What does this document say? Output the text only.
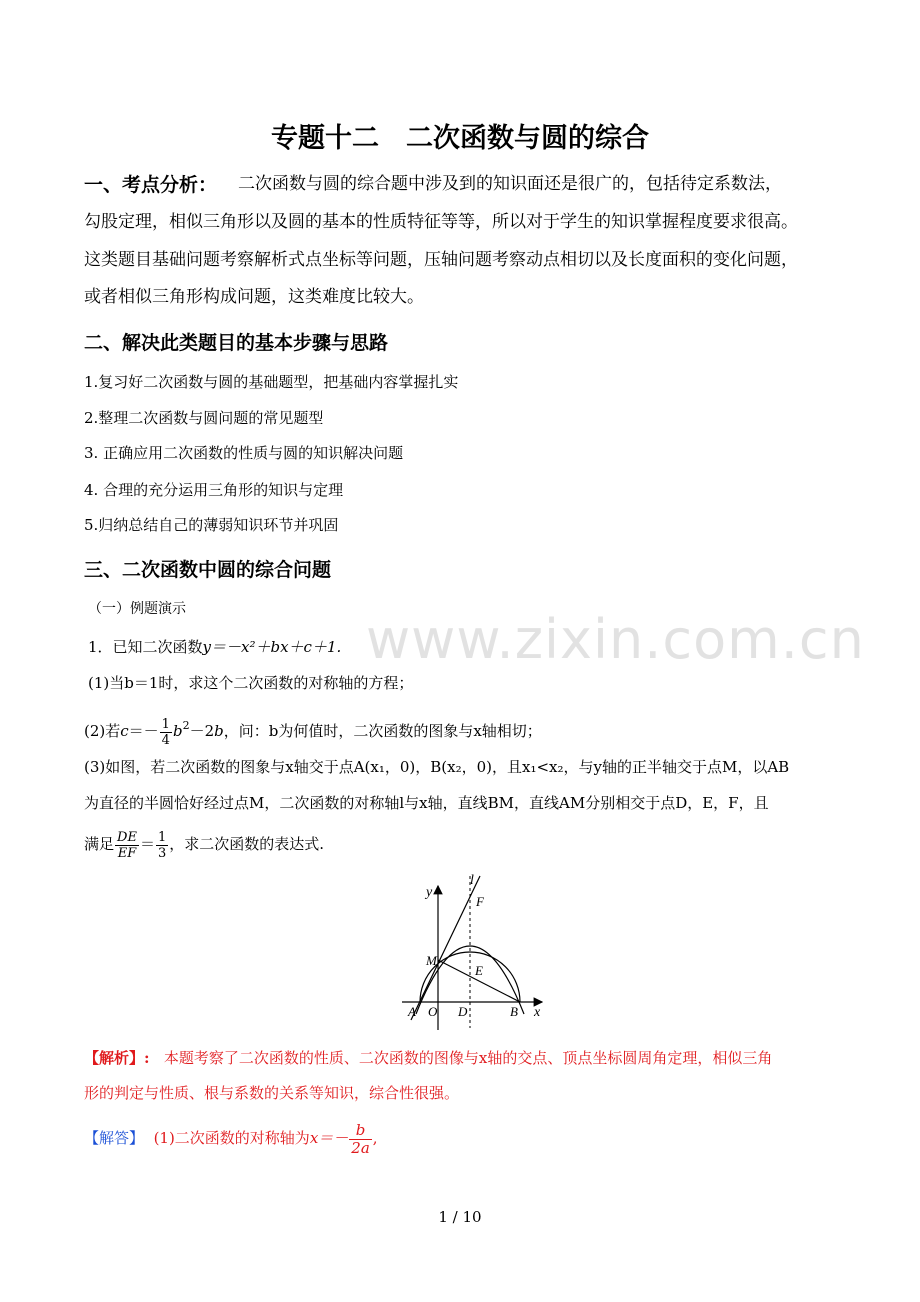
专题十二　二次函数与圆的综合
一、考点分析： 二次函数与圆的综合题中涉及到的知识面还是很广的，包括待定系数法，
勾股定理，相似三角形以及圆的基本的性质特征等等，所以对于学生的知识掌握程度要求很高。
这类题目基础问题考察解析式点坐标等问题，压轴问题考察动点相切以及长度面积的变化问题，
或者相似三角形构成问题，这类难度比较大。
二、解决此类题目的基本步骤与思路
1.复习好二次函数与圆的基础题型，把基础内容掌握扎实
2.整理二次函数与圆问题的常见题型
3. 正确应用二次函数的性质与圆的知识解决问题
4. 合理的充分运用三角形的知识与定理
5.归纳总结自己的薄弱知识环节并巩固
三、二次函数中圆的综合问题
www.zixin.com.cn
（一）例题演示
1．已知二次函数y＝－x²＋bx＋c＋1.
(1)当b＝1时，求这个二次函数的对称轴的方程；
(2)若$c=- \frac{1}{4} b^2-2b$，问：b为何值时，二次函数的图象与x轴相切；
(3)如图，若二次函数的图象与x轴交于点A(x₁，0)，B(x₂，0)，且x₁<x₂，与y轴的正半轴交于点M，以AB
为直径的半圆恰好经过点M，二次函数的对称轴l与x轴，直线BM，直线AM分别相交于点D，E，F，且
满足 $\frac{DE}{EF} = \frac{1}{3}$ ，求二次函数的表达式.
y
x
l
F
M
E
A O D	B
【解析】: 本题考察了二次函数的性质、二次函数的图像与x轴的交点、顶点坐标圆周角定理，相似三角
形的判定与性质、根与系数的关系等知识，综合性很强。
【解答】 (1)二次函数的对称轴为$x=- \frac{b}{2a}$ ,
1 / 10
